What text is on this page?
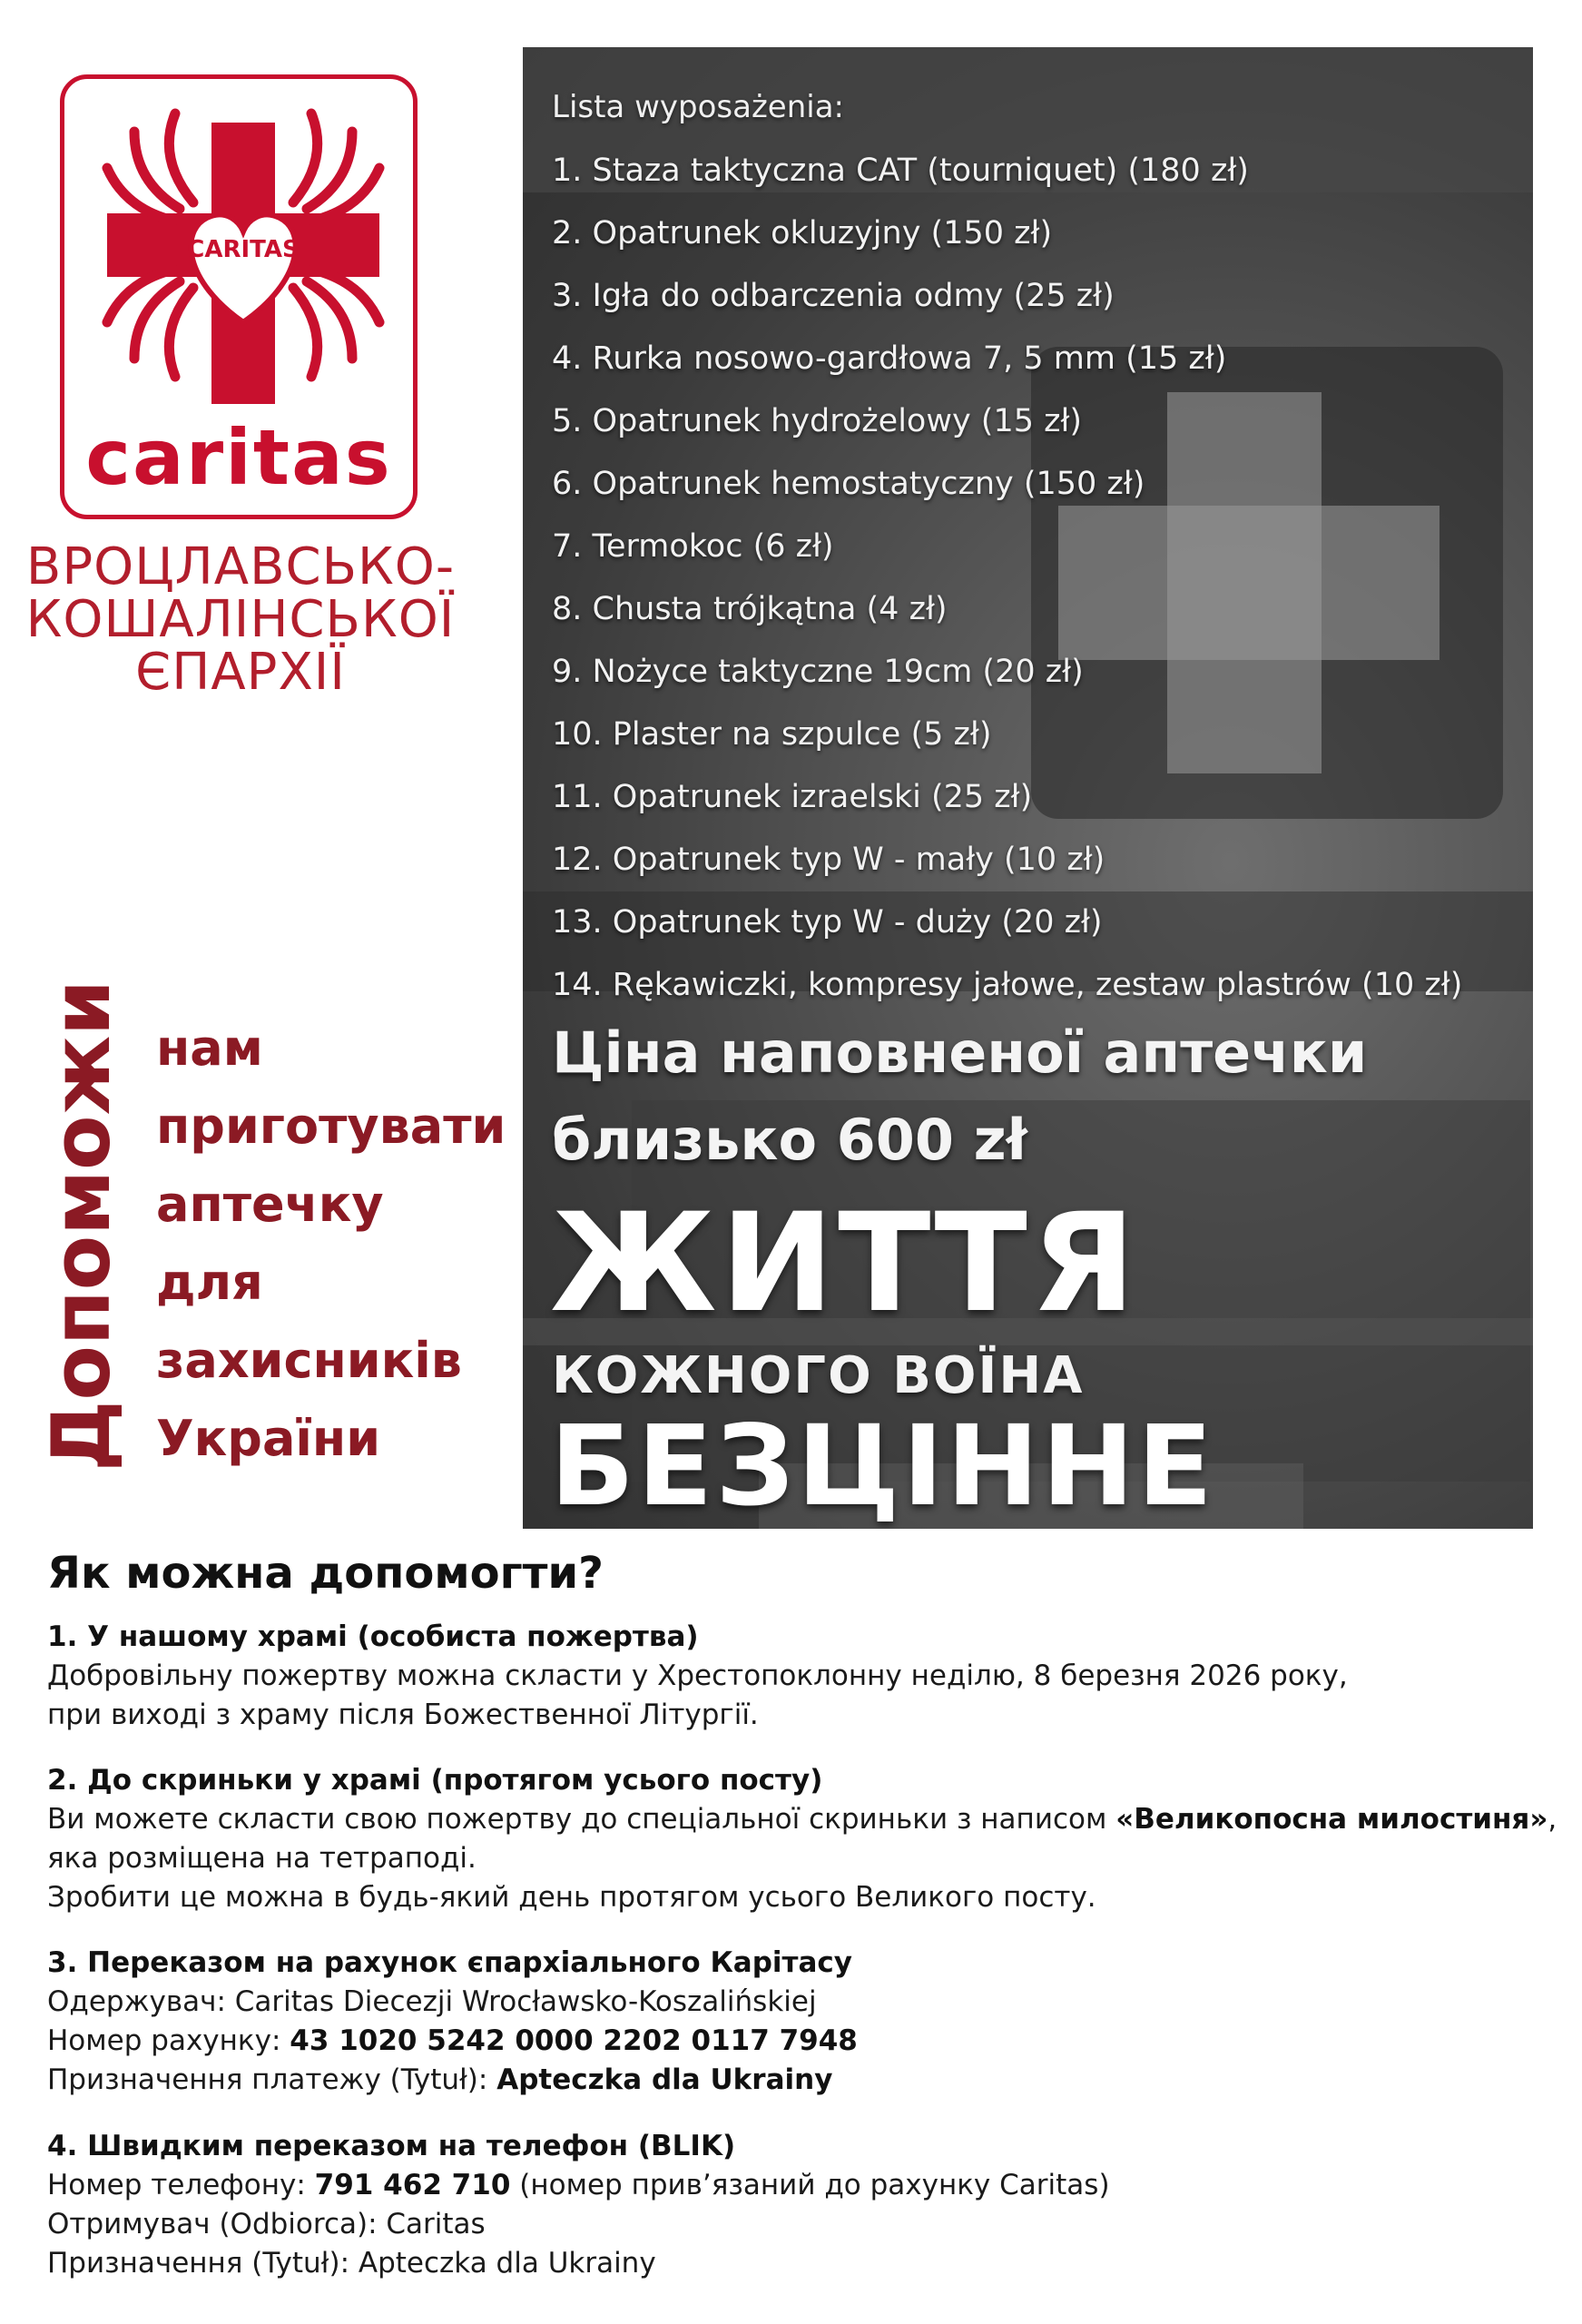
CARITAS
caritas
ВРОЦЛАВСЬКО-
КОШАЛІНСЬКОЇ
ЄПАРХІЇ
Допоможи нам
приготувати
аптечку
для
захисників
України
Lista wyposażenia:
1. Staza taktyczna CAT (tourniquet) (180 zł)
2. Opatrunek okluzyjny (150 zł)
3. Igła do odbarczenia odmy (25 zł)
4. Rurka nosowo-gardłowa 7, 5 mm (15 zł)
5. Opatrunek hydrożelowy (15 zł)
6. Opatrunek hemostatyczny (150 zł)
7. Termokoc (6 zł)
8. Chusta trójkątna (4 zł)
9. Nożyce taktyczne 19cm (20 zł)
10. Plaster na szpulce (5 zł)
11. Opatrunek izraelski (25 zł)
12. Opatrunek typ W - mały (10 zł)
13. Opatrunek typ W - duży (20 zł)
14. Rękawiczki, kompresy jałowe, zestaw plastrów (10 zł)
Ціна наповненої аптечки
близько 600 zł
ЖИТТЯ
КОЖНОГО ВОЇНА
БЕЗЦІННЕ
Як можна допомогти?
1. У нашому храмі (особиста пожертва)
Добровільну пожертву можна скласти у Хрестопоклонну неділю, 8 березня 2026 року,
при виході з храму після Божественної Літургії.
2. До скриньки у храмі (протягом усього посту)
Ви можете скласти свою пожертву до спеціальної скриньки з написом «Великопосна милостиня»,
яка розміщена на тетраподі.
Зробити це можна в будь-який день протягом усього Великого посту.
3. Переказом на рахунок єпархіального Карітасу
Одержувач: Caritas Diecezji Wrocławsko-Koszalińskiej
Номер рахунку: 43 1020 5242 0000 2202 0117 7948
Призначення платежу (Tytuł): Apteczka dla Ukrainy
4. Швидким переказом на телефон (BLIK)
Номер телефону: 791 462 710 (номер прив’язаний до рахунку Caritas)
Отримувач (Odbiorca): Caritas
Призначення (Tytuł): Apteczka dla Ukrainy
